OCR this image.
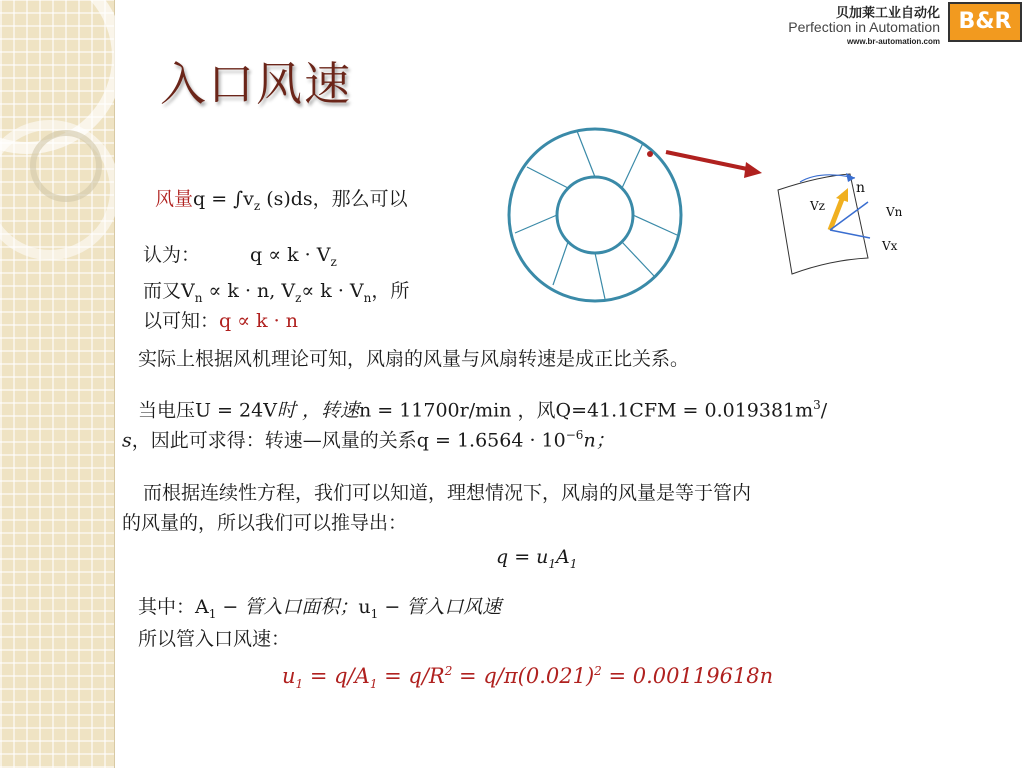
贝加莱工业自动化
Perfection in Automation
www.br-automation.com
B&R
入口风速
n
Vz	Vn
Vx
风量$q = \int v_z$ (s)ds，那么可以
认为：	$q \propto k \cdot V_z$
而又$V_n \propto k \cdot n$, $V_z\propto k \cdot V_n$，所
以可知：q ∝ k · n
实际上根据风机理论可知，风扇的风量与风扇转速是成正比关系。
当电压U = 24V时 ，转速n = 11700r/min ，风$Q=41.1CFM = 0.019381m^3/$
s，因此可求得：转速—风量的关系$q = 1.6564 \cdot 10^{-6}n$；
而根据连续性方程，我们可以知道，理想情况下，风扇的风量是等于管内
的风量的，所以我们可以推导出：
$q = u_1A_1$
其中：$A_1$ − 管入口面积；$u_1$ − 管入口风速
所以管入口风速：
$u_1 = q/A_1 = q/R^2 = q/\pi(0.021)^2 = 0.00119618n$
